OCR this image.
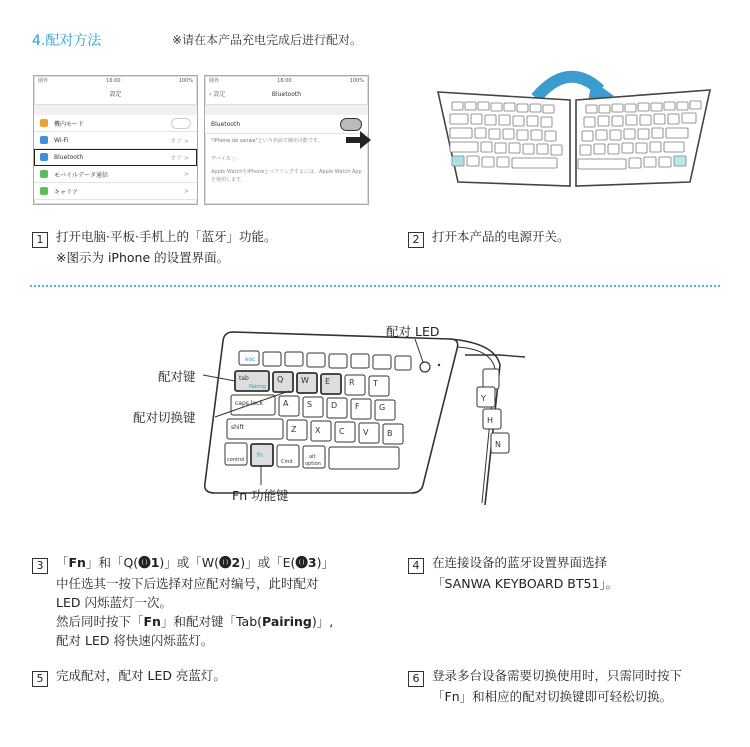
4.配对方法	※请在本产品充电完成后进行配对。
圏外	16:00	100%
設定
機内モード
Wi-Fi	オフ >
Bluetooth	オフ >
モバイルデータ通信	>
キャリア	>
圏外	16:00	100%
‹ 設定	Bluetooth
Bluetooth
"iPhone de sanwa"という名前で検出可能です。
デバイス ◌
Apple WatchをiPhoneとペアリングするには、Apple Watch Appを使用します。
1 打开电脑·平板·手机上的「蓝牙」功能。
※图示为 iPhone 的设置界面。
2 打开本产品的电源开关。
esc
tab
Pairing
Q W E R T
caps lock	A S D F G
shift	Z X C V B
control
fn
Cmd
alt
option
Y
H
N
配对 LED
配对键
配对切换键
Fn 功能键
3 「Fn」和「Q(⓿1)」或「W(⓿2)」或「E(⓿3)」
中任选其一按下后选择对应配对编号，此时配对
LED 闪烁蓝灯一次。
然后同时按下「Fn」和配对键「Tab(Pairing)」,
配对 LED 将快速闪烁蓝灯。
4 在连接设备的蓝牙设置界面选择
「SANWA KEYBOARD BT51」。
5 完成配对，配对 LED 亮蓝灯。	6 登录多台设备需要切换使用时，只需同时按下
「Fn」和相应的配对切换键即可轻松切换。
